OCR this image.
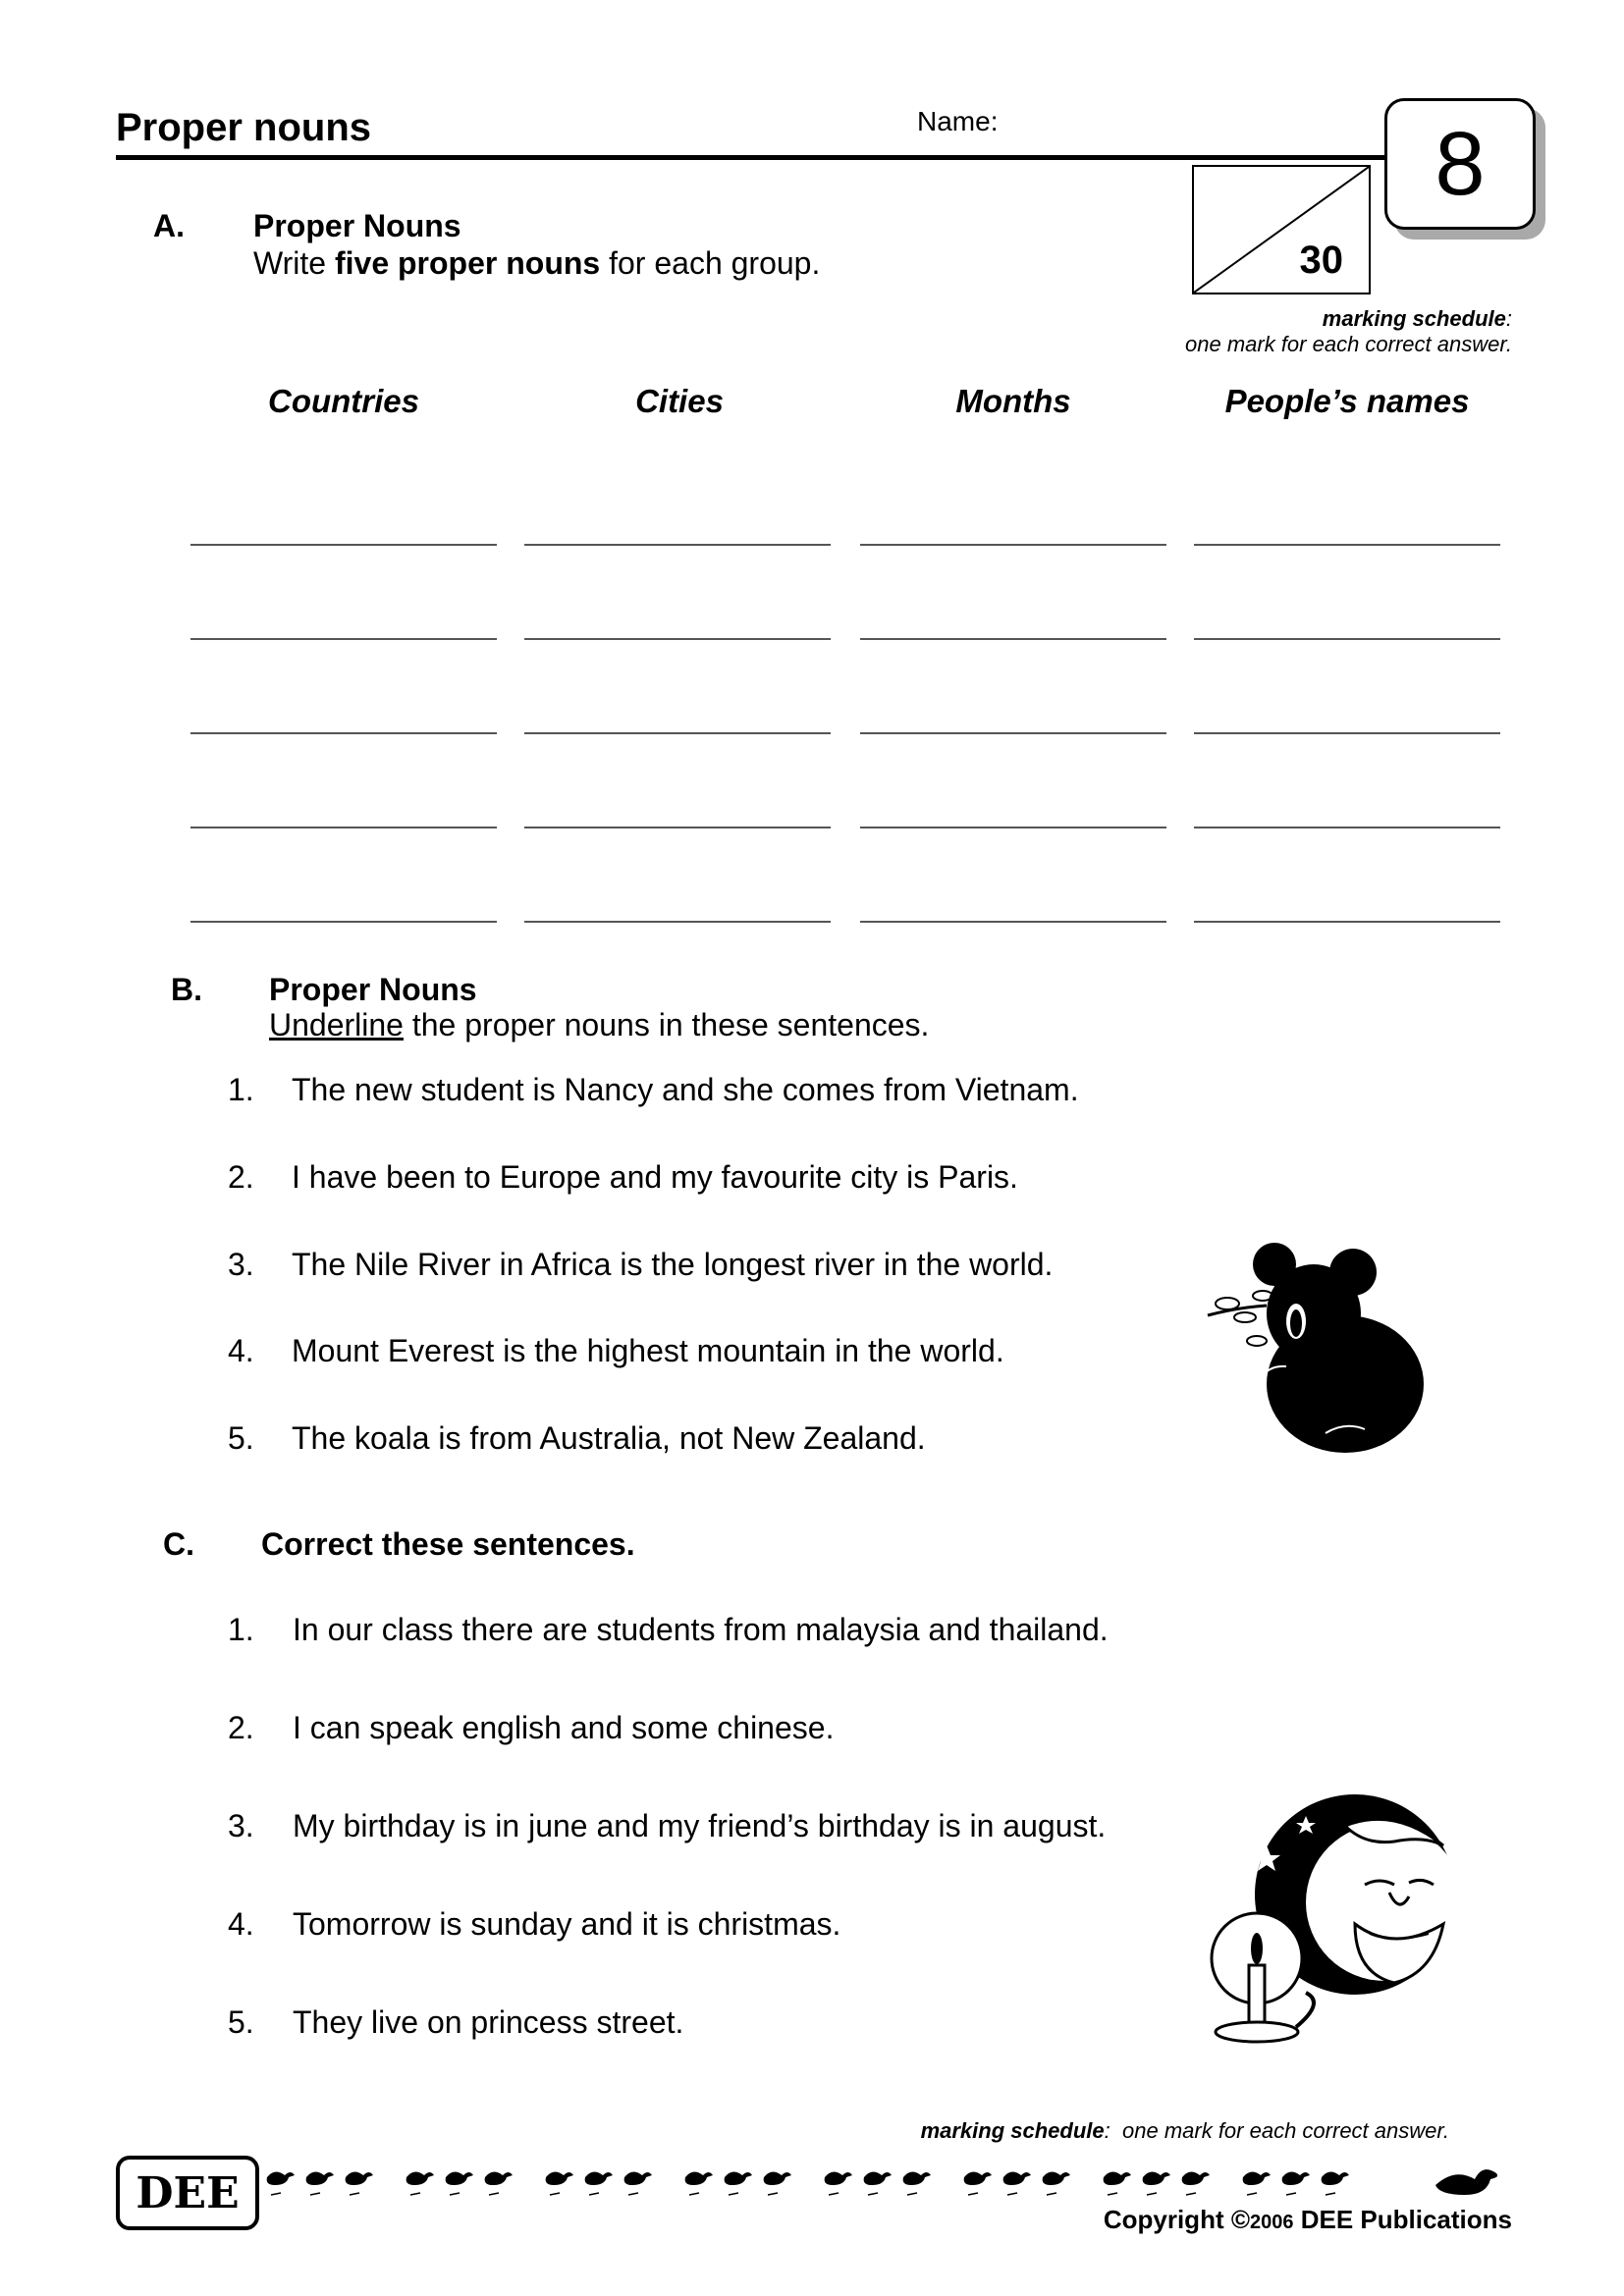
Proper nouns	Name:	8
30
marking schedule:
one mark for each correct answer.
A. Proper Nouns
Write five proper nouns for each group.
Countries	Cities	Months	People’s names
B. Proper Nouns
Underline the proper nouns in these sentences.
1. The new student is Nancy and she comes from Vietnam.
2. I have been to Europe and my favourite city is Paris.
3. The Nile River in Africa is the longest river in the world.
4. Mount Everest is the highest mountain in the world.
5. The koala is from Australia, not New Zealand.
C. Correct these sentences.
1. In our class there are students from malaysia and thailand.
2. I can speak english and some chinese.
3. My birthday is in june and my friend’s birthday is in august.
4. Tomorrow is sunday and it is christmas.
5. They live on princess street.
marking schedule:  one mark for each correct answer.
DEE
Copyright ©2006 DEE Publications
